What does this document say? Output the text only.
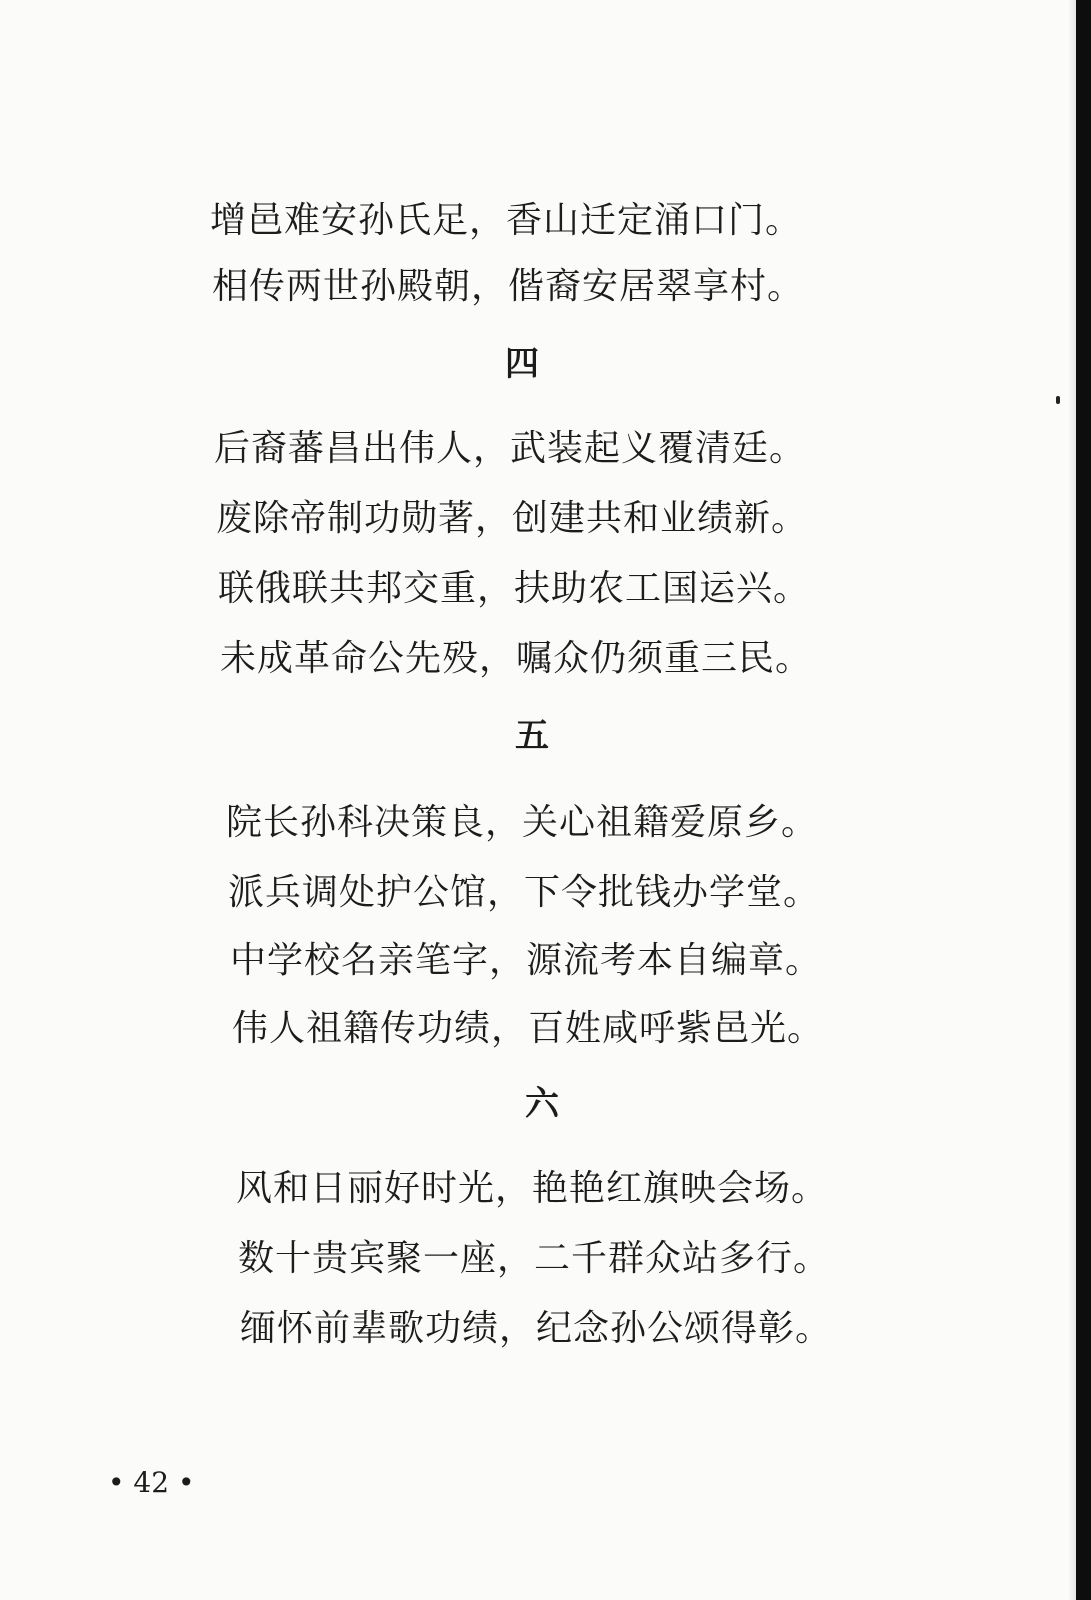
增邑难安孙氏足，香山迁定涌口门。
相传两世孙殿朝，偕裔安居翠享村。
四
后裔蕃昌出伟人，武装起义覆清廷。
废除帝制功勋著，创建共和业绩新。
联俄联共邦交重，扶助农工国运兴。
未成革命公先殁，嘱众仍须重三民。
五
院长孙科决策良，关心祖籍爱原乡。
派兵调处护公馆，下令批钱办学堂。
中学校名亲笔字，源流考本自编章。
伟人祖籍传功绩，百姓咸呼紫邑光。
六
风和日丽好时光，艳艳红旗映会场。
数十贵宾聚一座，二千群众站多行。
缅怀前辈歌功绩，纪念孙公颂得彰。
• 42 •
